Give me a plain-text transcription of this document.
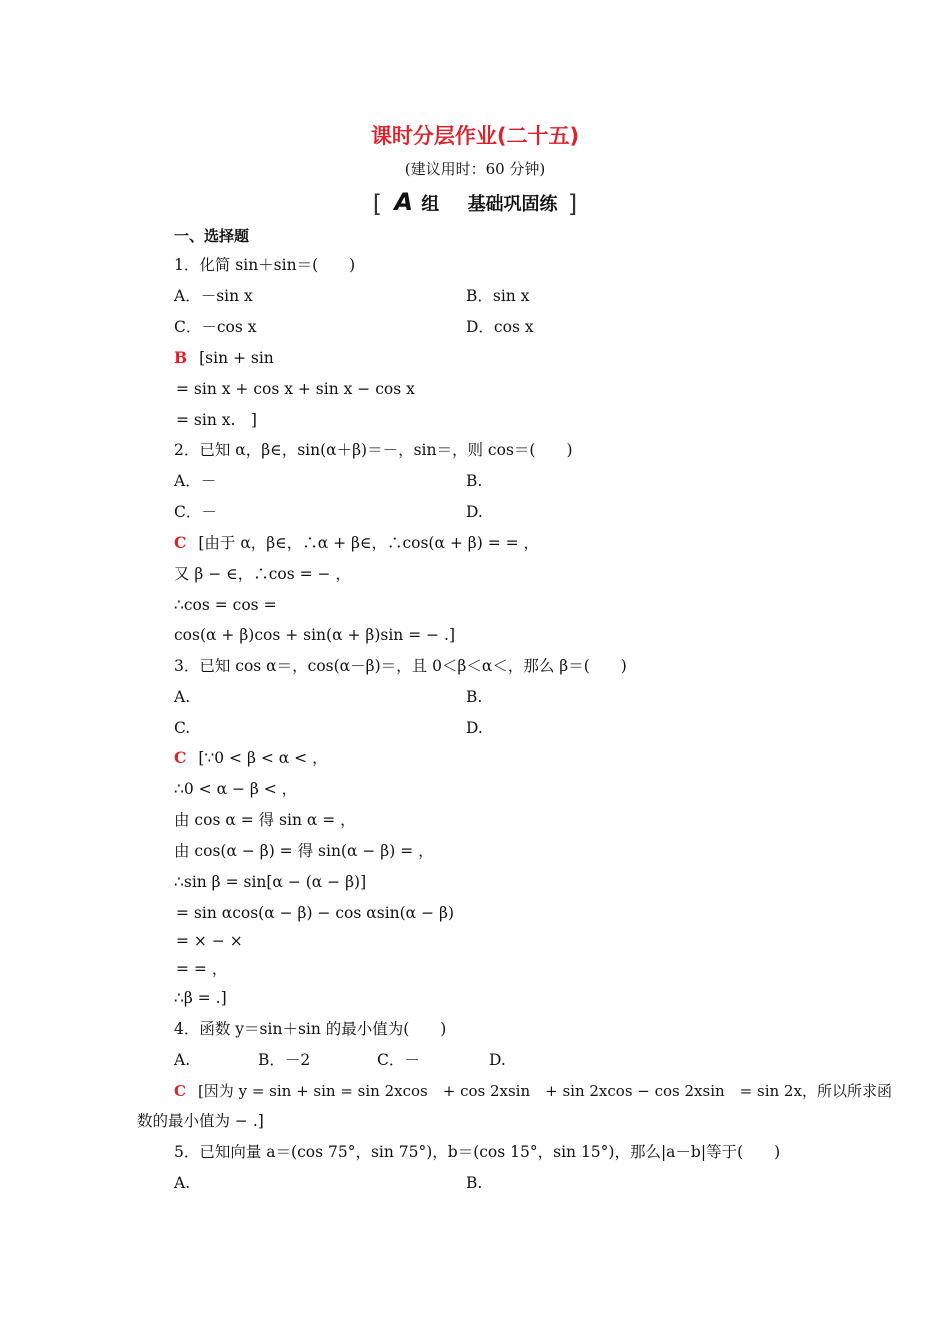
课时分层作业(二十五)
(建议用时：60 分钟)
[ A 组 基础巩固练 ]
一、选择题
1．化简 sin＋sin＝(　　)
A．－sin x	B．sin x
C．－cos x	D．cos x
B [sin + sin
= sin x + cos x + sin x − cos x
= sin x.　]
2．已知 α，β∈，sin(α＋β)＝－，sin＝，则 cos＝(　　)
A．－	B.
C．－	D.
C [由于 α，β∈，∴α + β∈，∴cos(α + β) = = ，
又 β − ∈，∴cos = − ，
∴cos = cos =
cos(α + β)cos + sin(α + β)sin = − .]
3．已知 cos α＝，cos(α－β)＝，且 0＜β＜α＜，那么 β＝(　　)
A.	B.
C.	D.
C [∵0 < β < α < ，
∴0 < α − β < ，
由 cos α = 得 sin α = ，
由 cos(α − β) = 得 sin(α − β) = ，
∴sin β = sin[α − (α − β)]
= sin αcos(α − β) − cos αsin(α − β)
= × − ×
= = ，
∴β = .]
4．函数 y＝sin＋sin 的最小值为(　　)
A.	B．－2	C．－	D.
C [因为 y = sin + sin = sin 2xcos　+ cos 2xsin　+ sin 2xcos − cos 2xsin　= sin 2x，所以所求函
数的最小值为 − .]
5．已知向量 a＝(cos 75°，sin 75°)，b＝(cos 15°，sin 15°)，那么|a－b|等于(　　)
A.	B.
